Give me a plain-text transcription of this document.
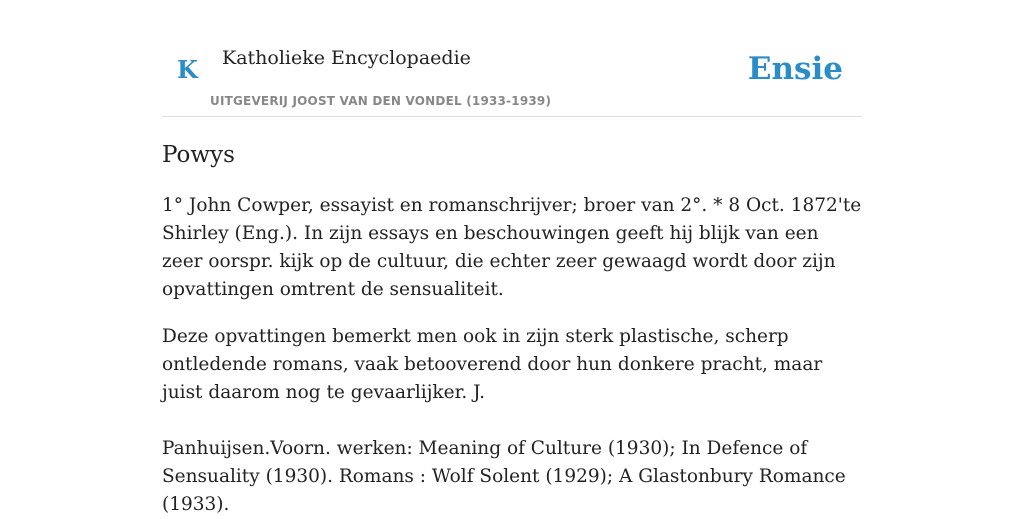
K Katholieke Encyclopaedie
UITGEVERIJ JOOST VAN DEN VONDEL (1933-1939)
Ensie
Powys

1° John Cowper, essayist en romanschrijver; broer van 2°. * 8 Oct. 1872'te Shirley (Eng.). In zijn essays en beschouwingen geeft hij blijk van een zeer oorspr. kijk op de cultuur, die echter zeer gewaagd wordt door zijn opvattingen omtrent de sensualiteit.

Deze opvattingen bemerkt men ook in zijn sterk plastische, scherp ontledende romans, vaak betooverend door hun donkere pracht, maar juist daarom nog te gevaarlijker. J.

Panhuijsen.Voorn. werken: Meaning of Culture (1930); In Defence of Sensuality (1930). Romans : Wolf Solent (1929); A Glastonbury Romance (1933).
